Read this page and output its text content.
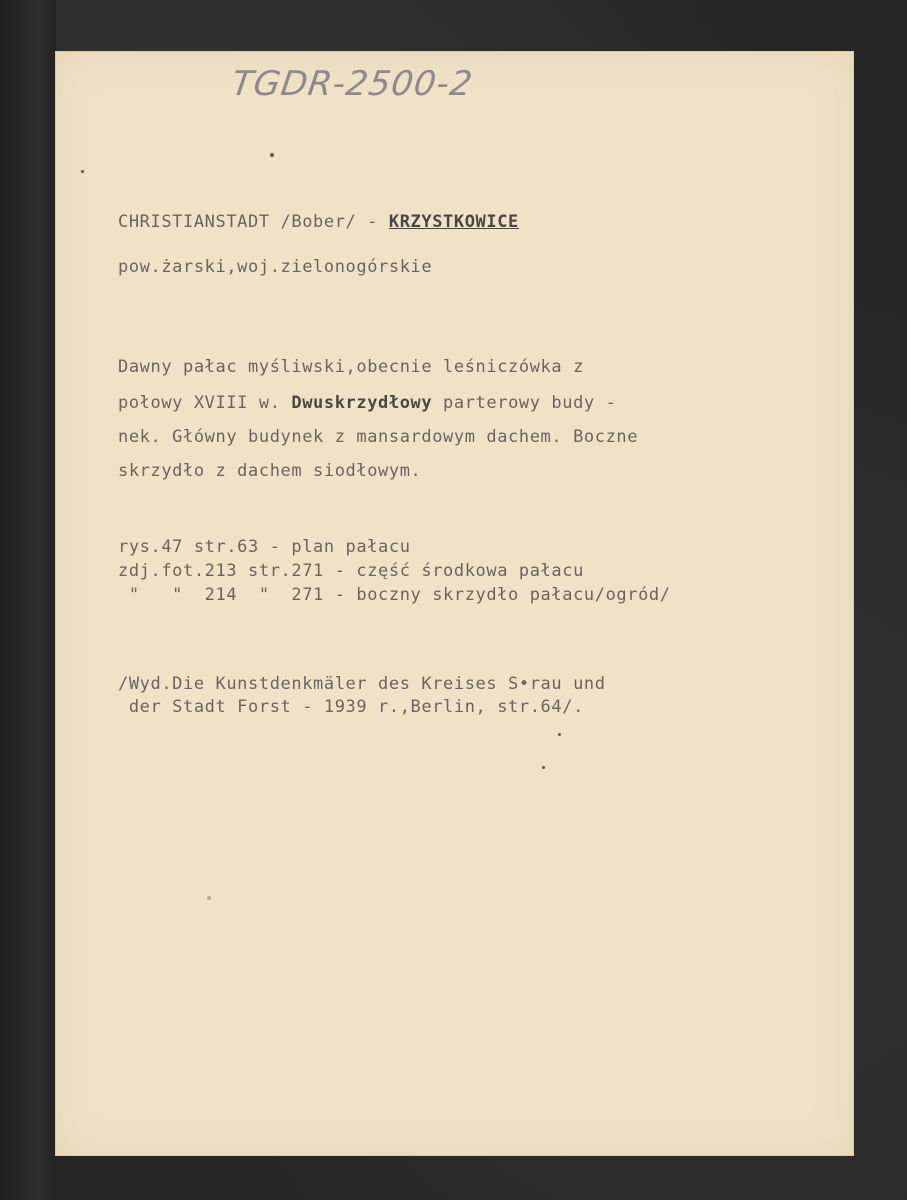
TGDR-2500-2
CHRISTIANSTADT /Bober/ - KRZYSTKOWICE
pow.żarski,woj.zielonogórskie
Dawny pałac myśliwski,obecnie leśniczówka z
połowy XVIII w. Dwuskrzydłowy parterowy budy -
nek. Główny budynek z mansardowym dachem. Boczne
skrzydło z dachem siodłowym.
rys.47 str.63 - plan pałacu
zdj.fot.213 str.271 - część środkowa pałacu
"   "  214  "  271 - boczny skrzydło pałacu/ogród/
/Wyd.Die Kunstdenkmäler des Kreises S•rau und
der Stadt Forst - 1939 r.,Berlin, str.64/.
